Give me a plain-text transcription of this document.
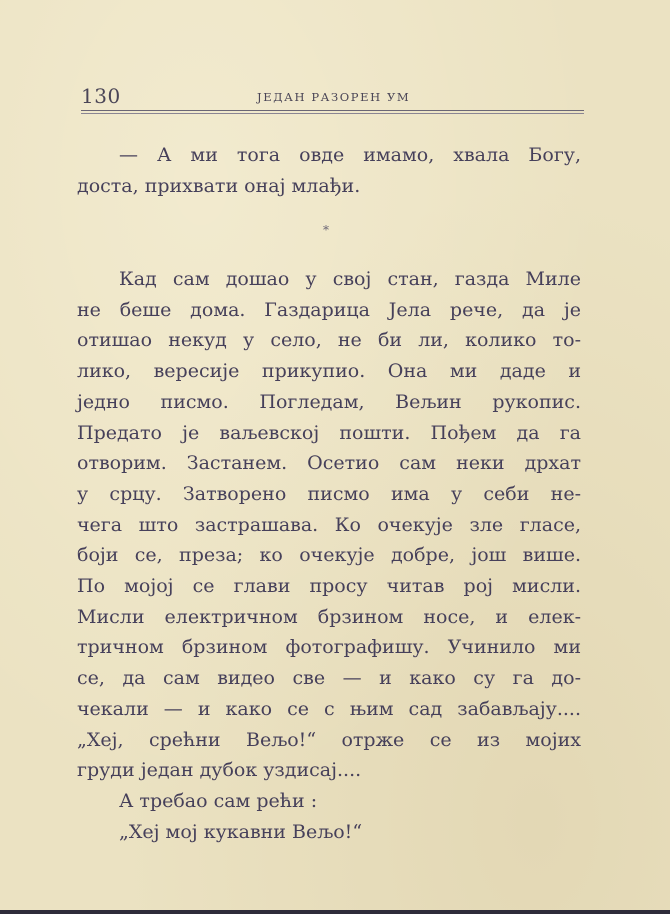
130	ЈЕДАН РАЗОРЕН УМ
— А ми тога овде имамо, хвала Богу,
доста, прихвати онај млађи.
*
Кад сам дошао у свој стан, газда Миле
не беше дома. Газдарица Јела рече, да је
отишао некуд у село, не би ли, колико то-
лико, вересије прикупио. Она ми даде и
једно писмо. Погледам, Вељин рукопис.
Предато је ваљевској пошти. Пођем да га
отворим. Застанем. Осетио сам неки дрхат
у срцу. Затворено писмо има у себи не-
чега што застрашава. Ко очекује зле гласе,
боји се, преза; ко очекује добре, још више.
По мојој се глави просу читав рој мисли.
Мисли електричном брзином носе, и елек-
тричном брзином фотографишу. Учинило ми
се, да сам видео све — и како су га до-
чекали — и како се с њим сад забављају....
„Хеј, срећни Вељо!“ отрже се из мојих
груди један дубок уздисај....
А требао сам рећи :
„Хеј мој кукавни Вељо!“
